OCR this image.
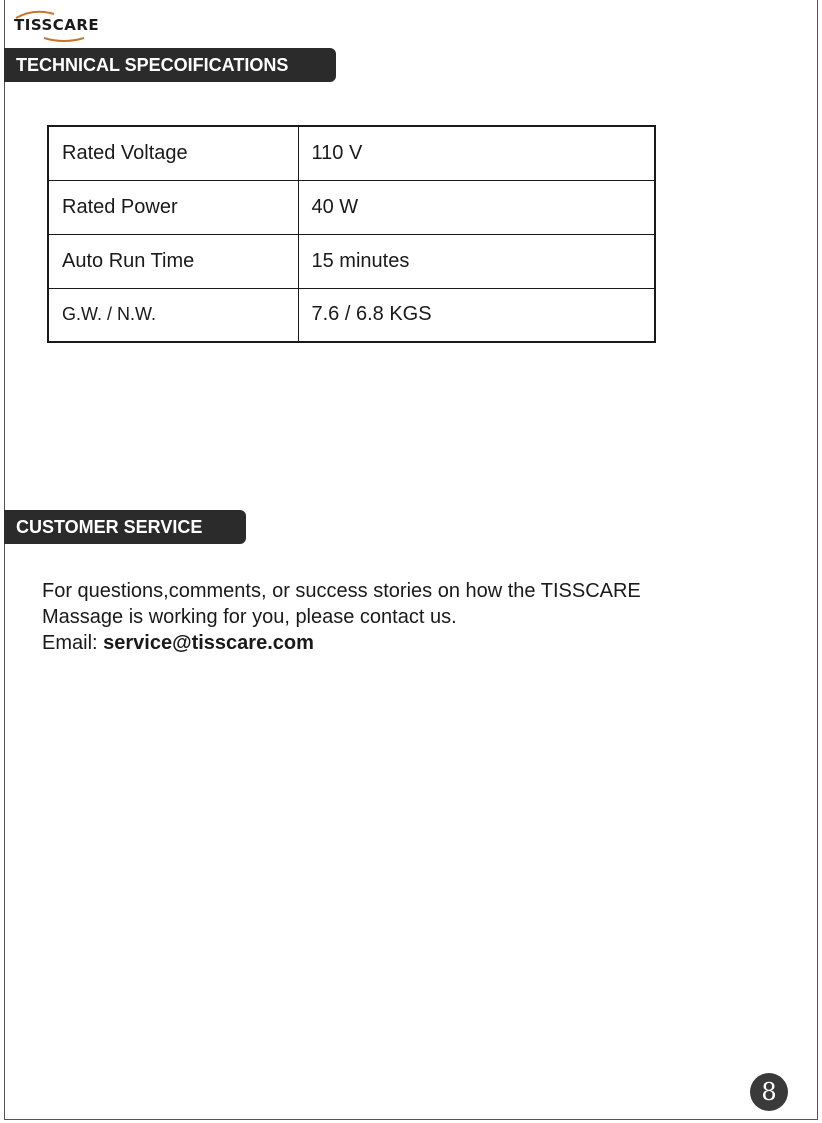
TISSCARE
TECHNICAL SPECOIFICATIONS
Rated Voltage	110 V
Rated Power	40 W
Auto Run Time	15 minutes
G.W. / N.W.	7.6 / 6.8 KGS
CUSTOMER SERVICE
For questions,comments, or success stories on how the TISSCARE
Massage is working for you, please contact us.
Email: service@tisscare.com
8
